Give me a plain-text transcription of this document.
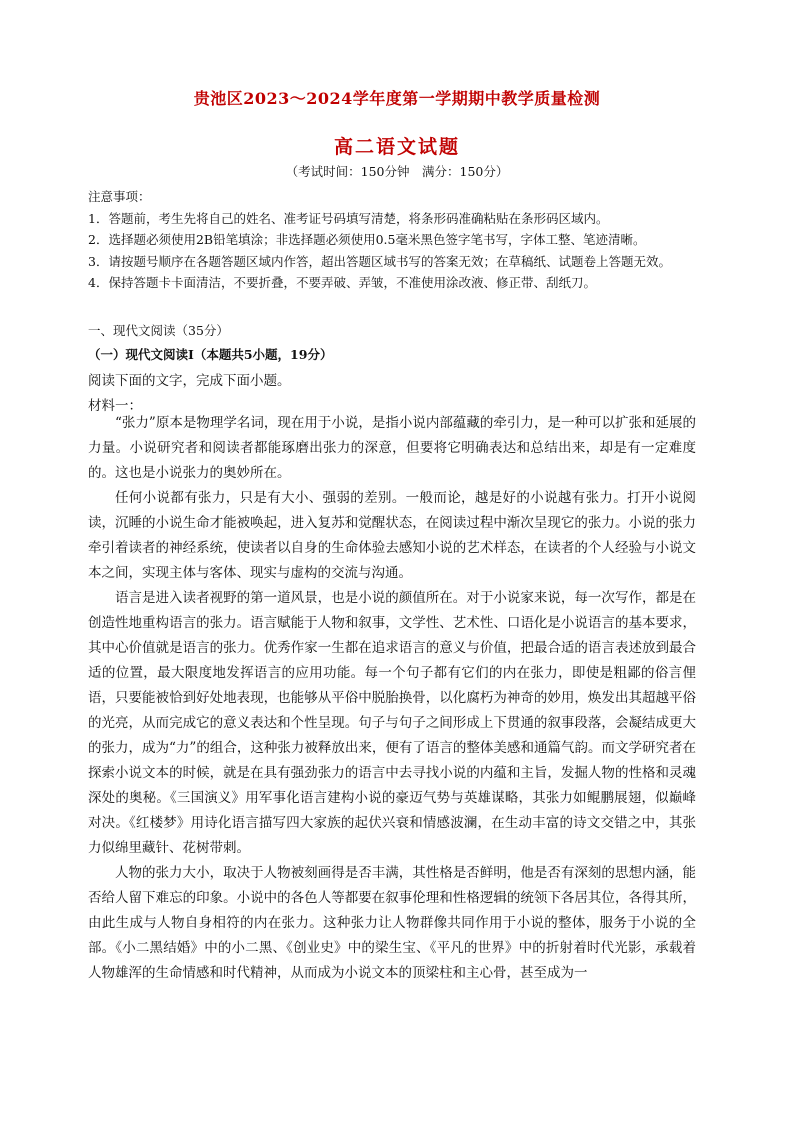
贵池区2023～2024学年度第一学期期中教学质量检测
高二语文试题
（考试时间：150分钟　满分：150分）

注意事项：

1．答题前，考生先将自己的姓名、准考证号码填写清楚，将条形码准确粘贴在条形码区域内。

2．选择题必须使用2B铅笔填涂；非选择题必须使用0.5毫米黑色签字笔书写，字体工整、笔迹清晰。

3．请按题号顺序在各题答题区域内作答，超出答题区域书写的答案无效；在草稿纸、试题卷上答题无效。

4．保持答题卡卡面清洁，不要折叠，不要弄破、弄皱，不准使用涂改液、修正带、刮纸刀。

一、现代文阅读（35分）
（一）现代文阅读Ⅰ（本题共5小题，19分）
阅读下面的文字，完成下面小题。
材料一：

“张力”原本是物理学名词，现在用于小说，是指小说内部蕴藏的牵引力，是一种可以扩张和延展的力量。小说研究者和阅读者都能琢磨出张力的深意，但要将它明确表达和总结出来，却是有一定难度的。这也是小说张力的奥妙所在。

任何小说都有张力，只是有大小、强弱的差别。一般而论，越是好的小说越有张力。打开小说阅读，沉睡的小说生命才能被唤起，进入复苏和觉醒状态，在阅读过程中渐次呈现它的张力。小说的张力牵引着读者的神经系统，使读者以自身的生命体验去感知小说的艺术样态，在读者的个人经验与小说文本之间，实现主体与客体、现实与虚构的交流与沟通。

语言是进入读者视野的第一道风景，也是小说的颜值所在。对于小说家来说，每一次写作，都是在创造性地重构语言的张力。语言赋能于人物和叙事，文学性、艺术性、口语化是小说语言的基本要求，其中心价值就是语言的张力。优秀作家一生都在追求语言的意义与价值，把最合适的语言表述放到最合适的位置，最大限度地发挥语言的应用功能。每一个句子都有它们的内在张力，即使是粗鄙的俗言俚语，只要能被恰到好处地表现，也能够从平俗中脱胎换骨，以化腐朽为神奇的妙用，焕发出其超越平俗的光亮，从而完成它的意义表达和个性呈现。句子与句子之间形成上下贯通的叙事段落，会凝结成更大的张力，成为“力”的组合，这种张力被释放出来，便有了语言的整体美感和通篇气韵。而文学研究者在探索小说文本的时候，就是在具有强劲张力的语言中去寻找小说的内蕴和主旨，发掘人物的性格和灵魂深处的奥秘。《三国演义》用军事化语言建构小说的豪迈气势与英雄谋略，其张力如鲲鹏展翅，似巅峰对决。《红楼梦》用诗化语言描写四大家族的起伏兴衰和情感波澜，在生动丰富的诗文交错之中，其张力似绵里藏针、花树带刺。

人物的张力大小，取决于人物被刻画得是否丰满，其性格是否鲜明，他是否有深刻的思想内涵，能否给人留下难忘的印象。小说中的各色人等都要在叙事伦理和性格逻辑的统领下各居其位，各得其所，由此生成与人物自身相符的内在张力。这种张力让人物群像共同作用于小说的整体，服务于小说的全部。《小二黑结婚》中的小二黑、《创业史》中的梁生宝、《平凡的世界》中的折射着时代光影，承载着人物雄浑的生命情感和时代精神，从而成为小说文本的顶梁柱和主心骨，甚至成为一
